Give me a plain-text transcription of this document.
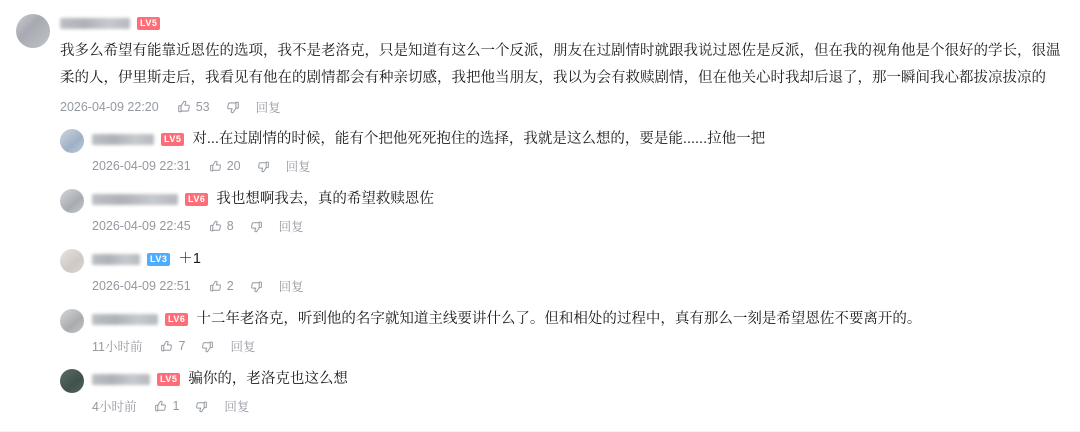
LV5
我多么希望有能靠近恩佐的选项，我不是老洛克，只是知道有这么一个反派，朋友在过剧情时就跟我说过恩佐是反派，但在我的视角他是个很好的学长，很温柔的人，伊里斯走后，我看见有他在的剧情都会有种亲切感，我把他当朋友，我以为会有救赎剧情，但在他关心时我却后退了，那一瞬间我心都拔凉拔凉的
2026-04-09 22:20	53	回复
LV5 对...在过剧情的时候，能有个把他死死抱住的选择，我就是这么想的，要是能......拉他一把
2026-04-09 22:31	20	回复
LV6 我也想啊我去，真的希望救赎恩佐
2026-04-09 22:45	8	回复
LV3 ＋1
2026-04-09 22:51	2	回复
LV6 十二年老洛克，听到他的名字就知道主线要讲什么了。但和相处的过程中，真有那么一刻是希望恩佐不要离开的。
11小时前	7	回复
LV5 骗你的，老洛克也这么想
4小时前	1	回复
